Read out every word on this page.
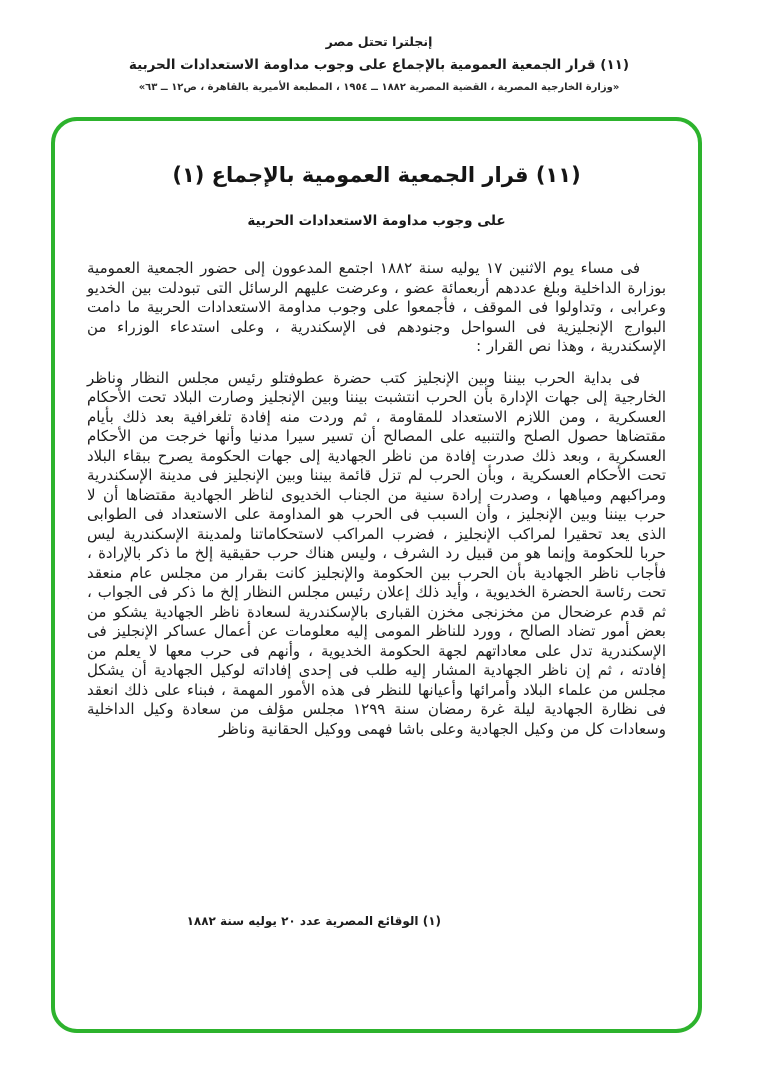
إنجلترا تحتل مصر
(١١) قرار الجمعية العمومية بالإجماع على وجوب مداومة الاستعدادات الحربية
«وزارة الخارجية المصرية ، القضية المصرية ١٨٨٢ ــ ١٩٥٤ ، المطبعة الأميرية بالقاهرة ، ص١٢ ــ ٦٣»
(١١) قرار الجمعية العمومية بالإجماع (١)
على وجوب مداومة الاستعدادات الحربية

فى مساء يوم الاثنين ١٧ يوليه سنة ١٨٨٢ اجتمع المدعوون إلى حضور الجمعية العمومية بوزارة الداخلية وبلغ عددهم أربعمائة عضو ، وعرضت عليهم الرسائل التى تبودلت بين الخديو وعرابى ، وتداولوا فى الموقف ، فأجمعوا على وجوب مداومة الاستعدادات الحربية ما دامت البوارج الإنجليزية فى السواحل وجنودهم فى الإسكندرية ، وعلى استدعاء الوزراء من الإسكندرية ، وهذا نص القرار :

فى بداية الحرب بيننا وبين الإنجليز كتب حضرة عطوفتلو رئيس مجلس النظار وناظر الخارجية إلى جهات الإدارة بأن الحرب انتشبت بيننا وبين الإنجليز وصارت البلاد تحت الأحكام العسكرية ، ومن اللازم الاستعداد للمقاومة ، ثم وردت منه إفادة تلغرافية بعد ذلك بأيام مقتضاها حصول الصلح والتنبيه على المصالح أن تسير سيرا مدنيا وأنها خرجت من الأحكام العسكرية ، وبعد ذلك صدرت إفادة من ناظر الجهادية إلى جهات الحكومة يصرح ببقاء البلاد تحت الأحكام العسكرية ، وبأن الحرب لم تزل قائمة بيننا وبين الإنجليز فى مدينة الإسكندرية ومراكبهم ومياهها ، وصدرت إرادة سنية من الجناب الخديوى لناظر الجهادية مقتضاها أن لا حرب بيننا وبين الإنجليز ، وأن السبب فى الحرب هو المداومة على الاستعداد فى الطوابى الذى يعد تحقيرا لمراكب الإنجليز ، فضرب المراكب لاستحكاماتنا ولمدينة الإسكندرية ليس حربا للحكومة وإنما هو من قبيل رد الشرف ، وليس هناك حرب حقيقية إلخ ما ذكر بالإرادة ، فأجاب ناظر الجهادية بأن الحرب بين الحكومة والإنجليز كانت بقرار من مجلس عام منعقد تحت رئاسة الحضرة الخديوية ، وأيد ذلك إعلان رئيس مجلس النظار إلخ ما ذكر فى الجواب ، ثم قدم عرضحال من مخزنجى مخزن القبارى بالإسكندرية لسعادة ناظر الجهادية يشكو من بعض أمور تضاد الصالح ، وورد للناظر المومى إليه معلومات عن أعمال عساكر الإنجليز فى الإسكندرية تدل على معاداتهم لجهة الحكومة الخديوية ، وأنهم فى حرب معها لا يعلم من إفادته ، ثم إن ناظر الجهادية المشار إليه طلب فى إحدى إفاداته لوكيل الجهادية أن يشكل مجلس من علماء البلاد وأمرائها وأعيانها للنظر فى هذه الأمور المهمة ، فبناء على ذلك انعقد فى نظارة الجهادية ليلة غرة رمضان سنة ١٢٩٩ مجلس مؤلف من سعادة وكيل الداخلية وسعادات كل من وكيل الجهادية وعلى باشا فهمى ووكيل الحقانية وناظر

(١) الوقائع المصرية عدد ٢٠ يوليه سنة ١٨٨٢
